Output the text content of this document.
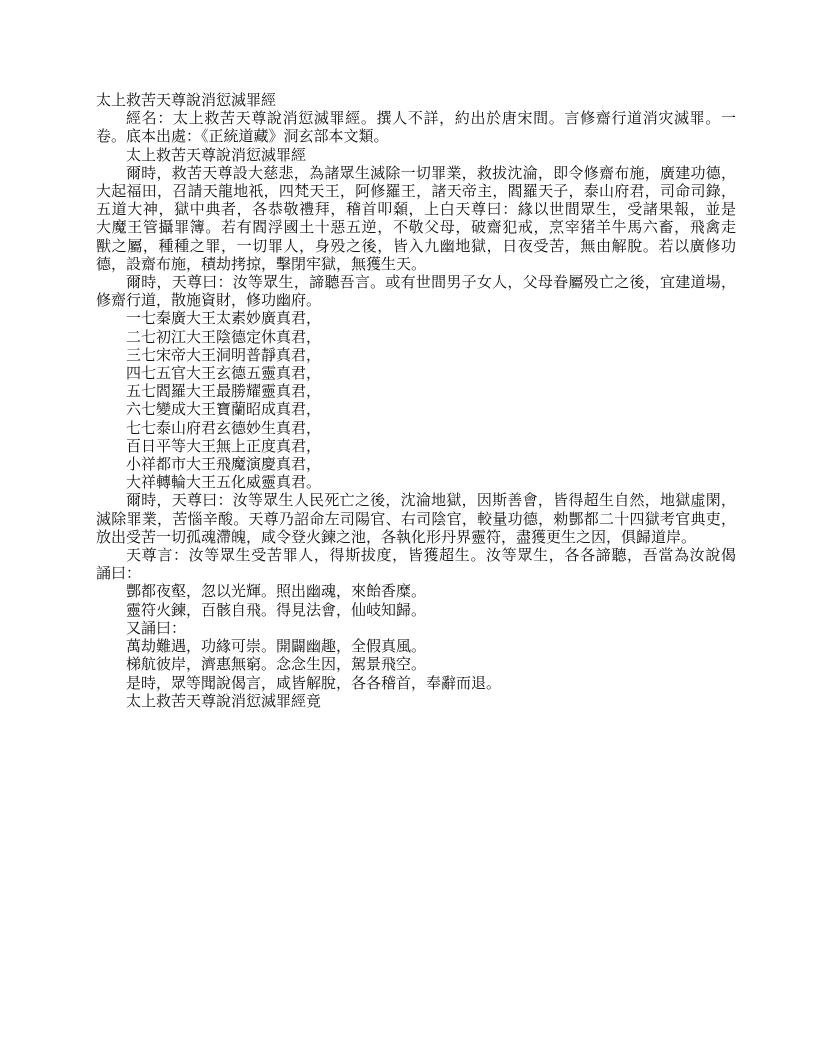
太上救苦天尊說消愆滅罪經
經名：太上救苦天尊說消愆滅罪經。撰人不詳，約出於唐宋間。言修齋行道消灾滅罪。一
卷。底本出處：《正統道藏》洞玄部本文類。
太上救苦天尊說消愆滅罪經
爾時，救苦天尊設大慈悲，為諸眾生滅除一切罪業，救拔沈淪，即令修齋布施，廣建功德，
大起福田，召請天龍地祇，四梵天王，阿修羅王，諸天帝主，閻羅天子，泰山府君，司命司錄，
五道大神，獄中典者，各恭敬禮拜，稽首叩顙，上白天尊曰：緣以世間眾生，受諸果報，並是
大魔王管攝罪簿。若有閻浮國土十惡五逆，不敬父母，破齋犯戒，烹宰猪羊牛馬六畜，飛禽走
獸之屬，種種之罪，一切罪人，身殁之後，皆入九幽地獄，日夜受苦，無由解脫。若以廣修功
德，設齋布施，積劫拷掠，擊閉牢獄，無獲生天。
爾時，天尊曰：汝等眾生，諦聽吾言。或有世間男子女人，父母眷屬殁亡之後，宜建道場，
修齋行道，散施資財，修功幽府。
一七秦廣大王太素妙廣真君，
二七初江大王陰德定休真君，
三七宋帝大王洞明普靜真君，
四七五官大王玄德五靈真君，
五七閻羅大王最勝耀靈真君，
六七變成大王寶蘭昭成真君，
七七泰山府君玄德妙生真君，
百日平等大王無上正度真君，
小祥都市大王飛魔演慶真君，
大祥轉輪大王五化威靈真君。
爾時，天尊曰：汝等眾生人民死亡之後，沈淪地獄，因斯善會，皆得超生自然，地獄虛閑，
滅除罪業，苦惱辛酸。天尊乃詔命左司陽官、右司陰官，較量功德，勑酆都二十四獄考官典吏，
放出受苦一切孤魂滯魄，咸令登火鍊之池，各執化形丹界靈符，盡獲更生之因，俱歸道岸。
天尊言：汝等眾生受苦罪人，得斯拔度，皆獲超生。汝等眾生，各各諦聽，吾當為汝說偈
誦曰：
酆都夜壑，忽以光輝。照出幽魂，來飴香糜。
靈符火鍊，百骸自飛。得見法會，仙岐知歸。
又誦曰：
萬劫難遇，功緣可崇。開闢幽趣，全假真風。
梯航彼岸，濟惠無窮。念念生因，駕景飛空。
是時，眾等聞說偈言，咸皆解脫，各各稽首，奉辭而退。
太上救苦天尊說消愆滅罪經竟
